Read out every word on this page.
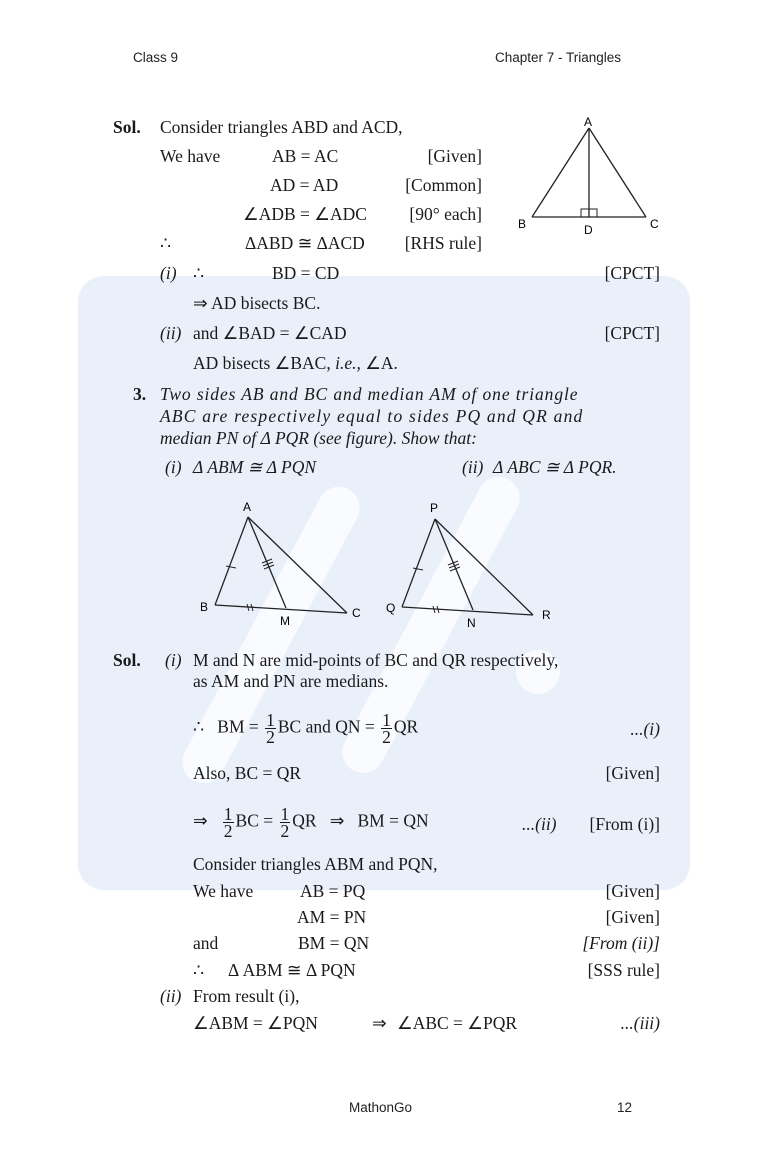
Class 9	Chapter 7 - Triangles
Sol. Consider triangles ABD and ACD,
We have	AB = AC	[Given]
AD = AD	[Common]
∠ADB = ∠ADC	[90° each]
∴	ΔABD ≅ ΔACD	[RHS rule]
A
B	C
D
(i) ∴	BD = CD	[CPCT]
⇒ AD bisects BC.
(ii) and ∠BAD = ∠CAD	[CPCT]
AD bisects ∠BAC, i.e., ∠A.
3. Two sides AB and BC and median AM of one triangle
ABC are respectively equal to sides PQ and QR and
median PN of Δ PQR (see figure). Show that:
(i) Δ ABM ≅ Δ PQN	(ii) Δ ABC ≅ Δ PQR.
A
B	C
M
P
Q	R
N
Sol. (i) M and N are mid-points of BC and QR respectively,
as AM and PN are medians.
∴ BM = $\frac{1}{2}$ BC and QN = $\frac{1}{2}$ QR	...(i)
Also, BC = QR	[Given]
⇒ $\frac{1}{2}$ BC = $\frac{1}{2}$ QR ⇒ BM = QN	...(ii)	[From (i)]
Consider triangles ABM and PQN,
We have	AB = PQ	[Given]
AM = PN	[Given]
and	BM = QN	[From (ii)]
∴ Δ ABM ≅ Δ PQN	[SSS rule]
(ii) From result (i),
∠ABM = ∠PQN	⇒ ∠ABC = ∠PQR	...(iii)
MathonGo	12
